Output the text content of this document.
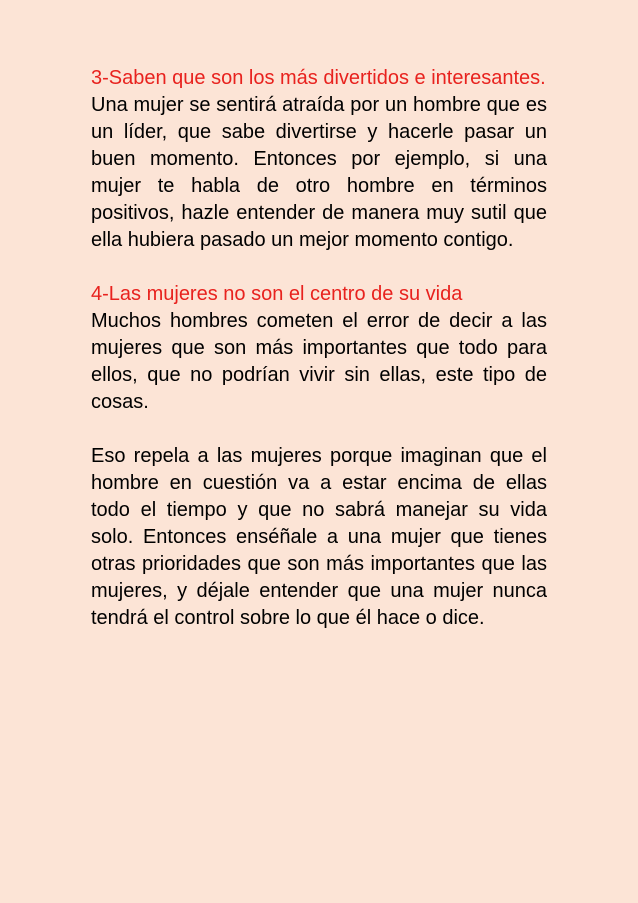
3-Saben que son los más divertidos e interesantes.

Una mujer se sentirá atraída por un hombre que es un líder, que sabe divertirse y hacerle pasar un buen momento. Entonces por ejemplo, si una mujer te habla de otro hombre en términos positivos, hazle entender de manera muy sutil que ella hubiera pasado un mejor momento contigo.

4-Las mujeres no son el centro de su vida

Muchos hombres cometen el error de decir a las mujeres que son más importantes que todo para ellos, que no podrían vivir sin ellas, este tipo de cosas.

Eso repela a las mujeres porque imaginan que el hombre en cuestión va a estar encima de ellas todo el tiempo y que no sabrá manejar su vida solo. Entonces enséñale a una mujer que tienes otras prioridades que son más importantes que las mujeres, y déjale entender que una mujer nunca tendrá el control sobre lo que él hace o dice.
